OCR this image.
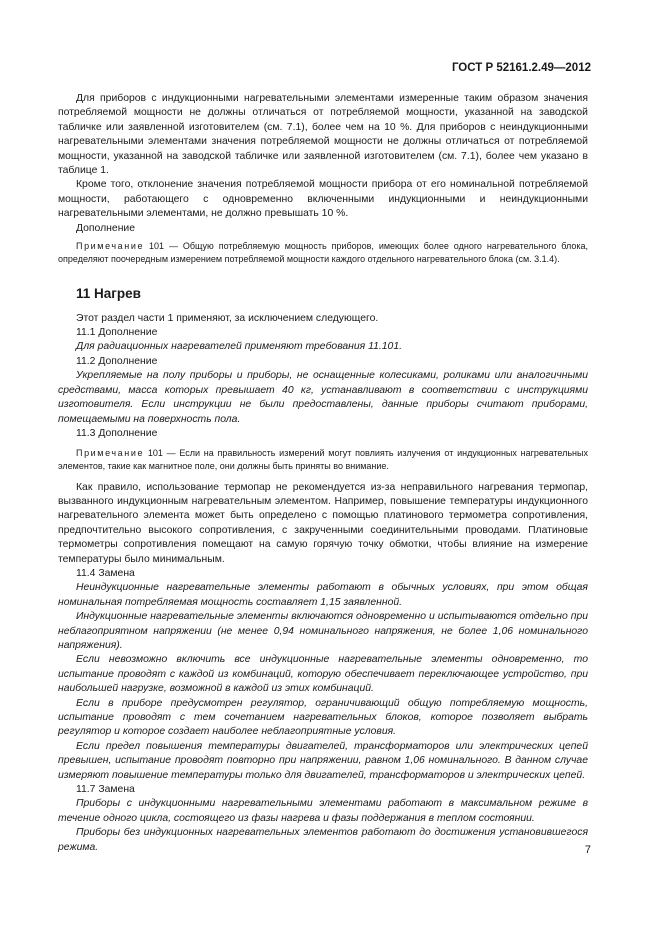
ГОСТ Р 52161.2.49—2012

Для приборов с индукционными нагревательными элементами измеренные таким образом значения потребляемой мощности не должны отличаться от потребляемой мощности, указанной на заводской табличке или заявленной изготовителем (см. 7.1), более чем на 10 %. Для приборов с неиндукционными нагревательными элементами значения потребляемой мощности не должны отличаться от потребляемой мощности, указанной на заводской табличке или заявленной изготовителем (см. 7.1), более чем указано в таблице 1.

Кроме того, отклонение значения потребляемой мощности прибора от его номинальной потребляемой мощности, работающего с одновременно включенными индукционными и неиндукционными нагревательными элементами, не должно превышать 10 %.

Дополнение

Примечание 101 — Общую потребляемую мощность приборов, имеющих более одного нагревательного блока, определяют поочередным измерением потребляемой мощности каждого отдельного нагревательного блока (см. 3.1.4).

11 Нагрев

Этот раздел части 1 применяют, за исключением следующего.

11.1 Дополнение

Для радиационных нагревателей применяют требования 11.101.

11.2 Дополнение

Укрепляемые на полу приборы и приборы, не оснащенные колесиками, роликами или аналогичными средствами, масса которых превышает 40 кг, устанавливают в соответствии с инструкциями изготовителя. Если инструкции не были предоставлены, данные приборы считают приборами, помещаемыми на поверхность пола.

11.3 Дополнение

Примечание 101 — Если на правильность измерений могут повлиять излучения от индукционных нагревательных элементов, такие как магнитное поле, они должны быть приняты во внимание.

Как правило, использование термопар не рекомендуется из-за неправильного нагревания термопар, вызванного индукционным нагревательным элементом. Например, повышение температуры индукционного нагревательного элемента может быть определено с помощью платинового термометра сопротивления, предпочтительно высокого сопротивления, с закрученными соединительными проводами. Платиновые термометры сопротивления помещают на самую горячую точку обмотки, чтобы влияние на измерение температуры было минимальным.

11.4 Замена

Неиндукционные нагревательные элементы работают в обычных условиях, при этом общая номинальная потребляемая мощность составляет 1,15 заявленной.

Индукционные нагревательные элементы включаются одновременно и испытываются отдельно при неблагоприятном напряжении (не менее 0,94 номинального напряжения, не более 1,06 номинального напряжения).

Если невозможно включить все индукционные нагревательные элементы одновременно, то испытание проводят с каждой из комбинаций, которую обеспечивает переключающее устройство, при наибольшей нагрузке, возможной в каждой из этих комбинаций.

Если в приборе предусмотрен регулятор, ограничивающий общую потребляемую мощность, испытание проводят с тем сочетанием нагревательных блоков, которое позволяет выбрать регулятор и которое создает наиболее неблагоприятные условия.

Если предел повышения температуры двигателей, трансформаторов или электрических цепей превышен, испытание проводят повторно при напряжении, равном 1,06 номинального. В данном случае измеряют повышение температуры только для двигателей, трансформаторов и электрических цепей.

11.7 Замена

Приборы с индукционными нагревательными элементами работают в максимальном режиме в течение одного цикла, состоящего из фазы нагрева и фазы поддержания в теплом состоянии.

Приборы без индукционных нагревательных элементов работают до достижения установившегося режима.	7
